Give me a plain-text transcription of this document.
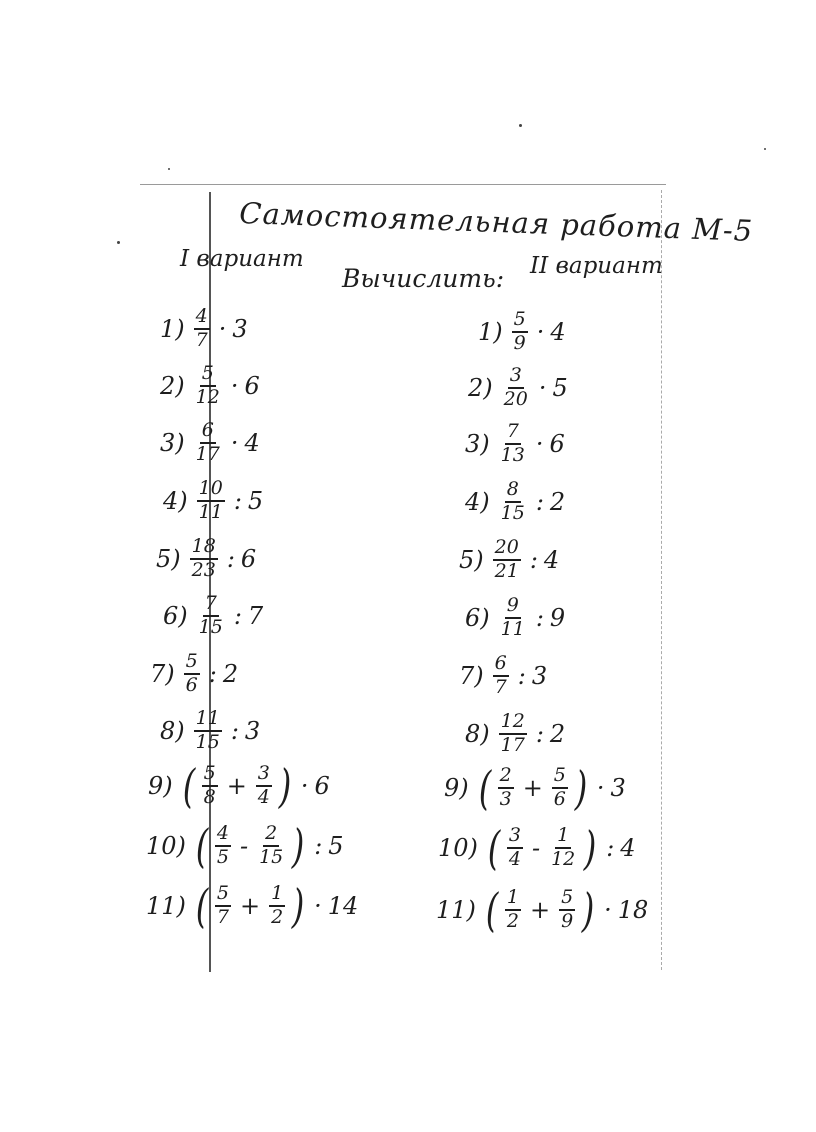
Самостоятельная работа М-5
I вариант	II вариант
Вычислить:
$1) \frac{4}{7} \cdot 3$
$2) \frac{5}{12} \cdot 6$
$3) \frac{6}{17} \cdot 4$
$4) \frac{10}{11}$ : 5
$5) \frac{18}{23}$ : 6
$6) \frac{7}{15}$ : 7
$7) \frac{5}{6}$ : 2
$8) \frac{11}{15}$ : 3
9) ( $\frac{5}{8} + \frac{3}{4}$ ) · 6
10) ( $\frac{4}{5} - \frac{2}{15}$ ) : 5
11) ( $\frac{5}{7} + \frac{1}{2}$ ) · 14
$1) \frac{5}{9} \cdot 4$
$2) \frac{3}{20} \cdot 5$
$3) \frac{7}{13} \cdot 6$
$4) \frac{8}{15}$ : 2
$5) \frac{20}{21}$ : 4
$6) \frac{9}{11}$ : 9
$7) \frac{6}{7}$ : 3
$8) \frac{12}{17}$ : 2
9) ( $\frac{2}{3} + \frac{5}{6}$ ) · 3
10) ( $\frac{3}{4} - \frac{1}{12}$ ) : 4
11) ( $\frac{1}{2} + \frac{5}{9}$ ) · 18
